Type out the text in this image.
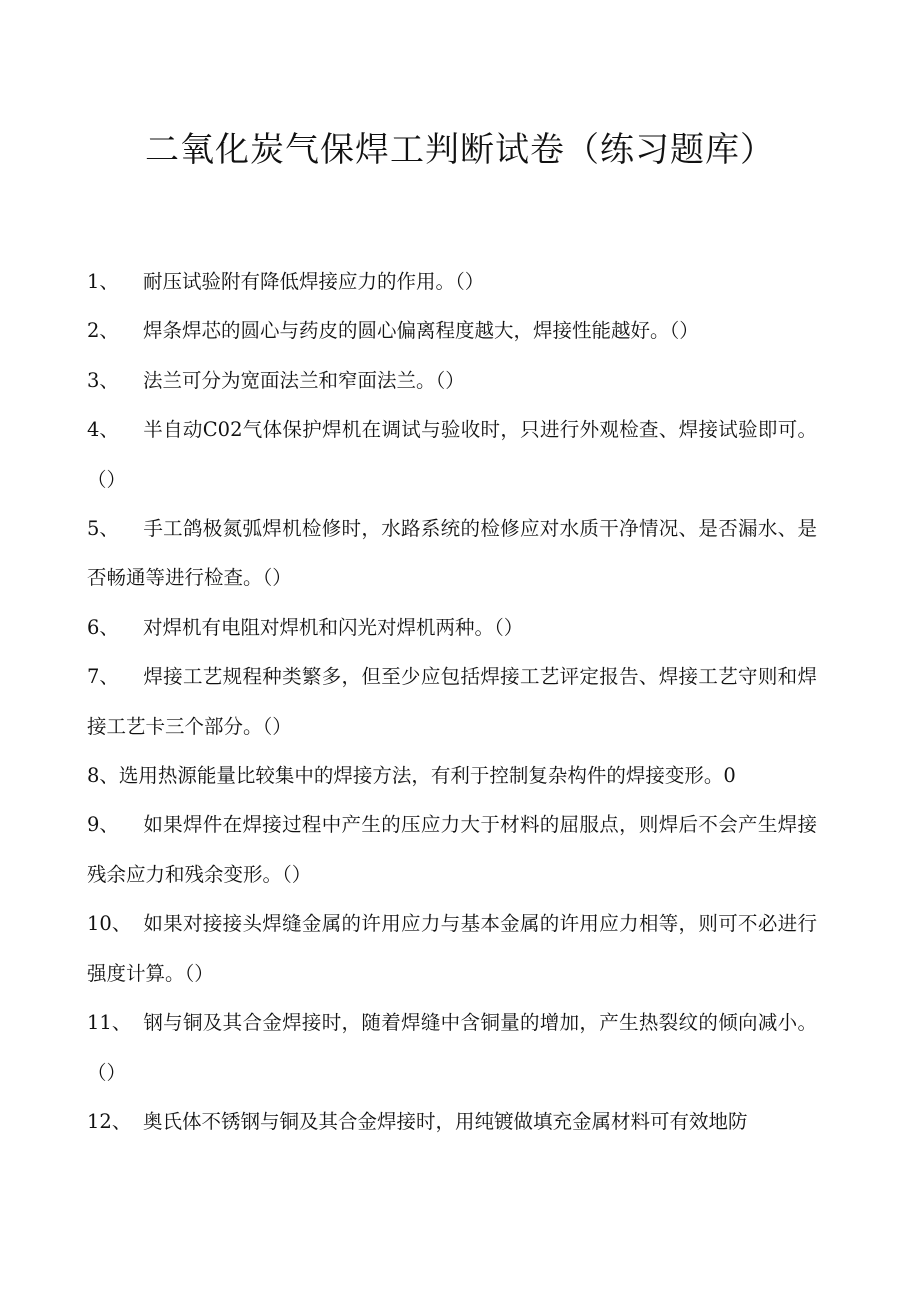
二氧化炭气保焊工判断试卷（练习题库）
1、 耐压试验附有降低焊接应力的作用。（）
2、 焊条焊芯的圆心与药皮的圆心偏离程度越大，焊接性能越好。（）
3、 法兰可分为宽面法兰和窄面法兰。（）
4、 半自动C02气体保护焊机在调试与验收时，只进行外观检查、焊接试验即可。（）
5、 手工鸽极氮弧焊机检修时，水路系统的检修应对水质干净情况、是否漏水、是否畅通等进行检查。（）
6、 对焊机有电阻对焊机和闪光对焊机两种。（）
7、 焊接工艺规程种类繁多，但至少应包括焊接工艺评定报告、焊接工艺守则和焊接工艺卡三个部分。（）
8、选用热源能量比较集中的焊接方法，有利于控制复杂构件的焊接变形。0
9、 如果焊件在焊接过程中产生的压应力大于材料的屈服点，则焊后不会产生焊接残余应力和残余变形。（）
10、 如果对接接头焊缝金属的许用应力与基本金属的许用应力相等，则可不必进行强度计算。（）
11、 钢与铜及其合金焊接时，随着焊缝中含铜量的增加，产生热裂纹的倾向减小。（）
12、 奥氏体不锈钢与铜及其合金焊接时，用纯镀做填充金属材料可有效地防
